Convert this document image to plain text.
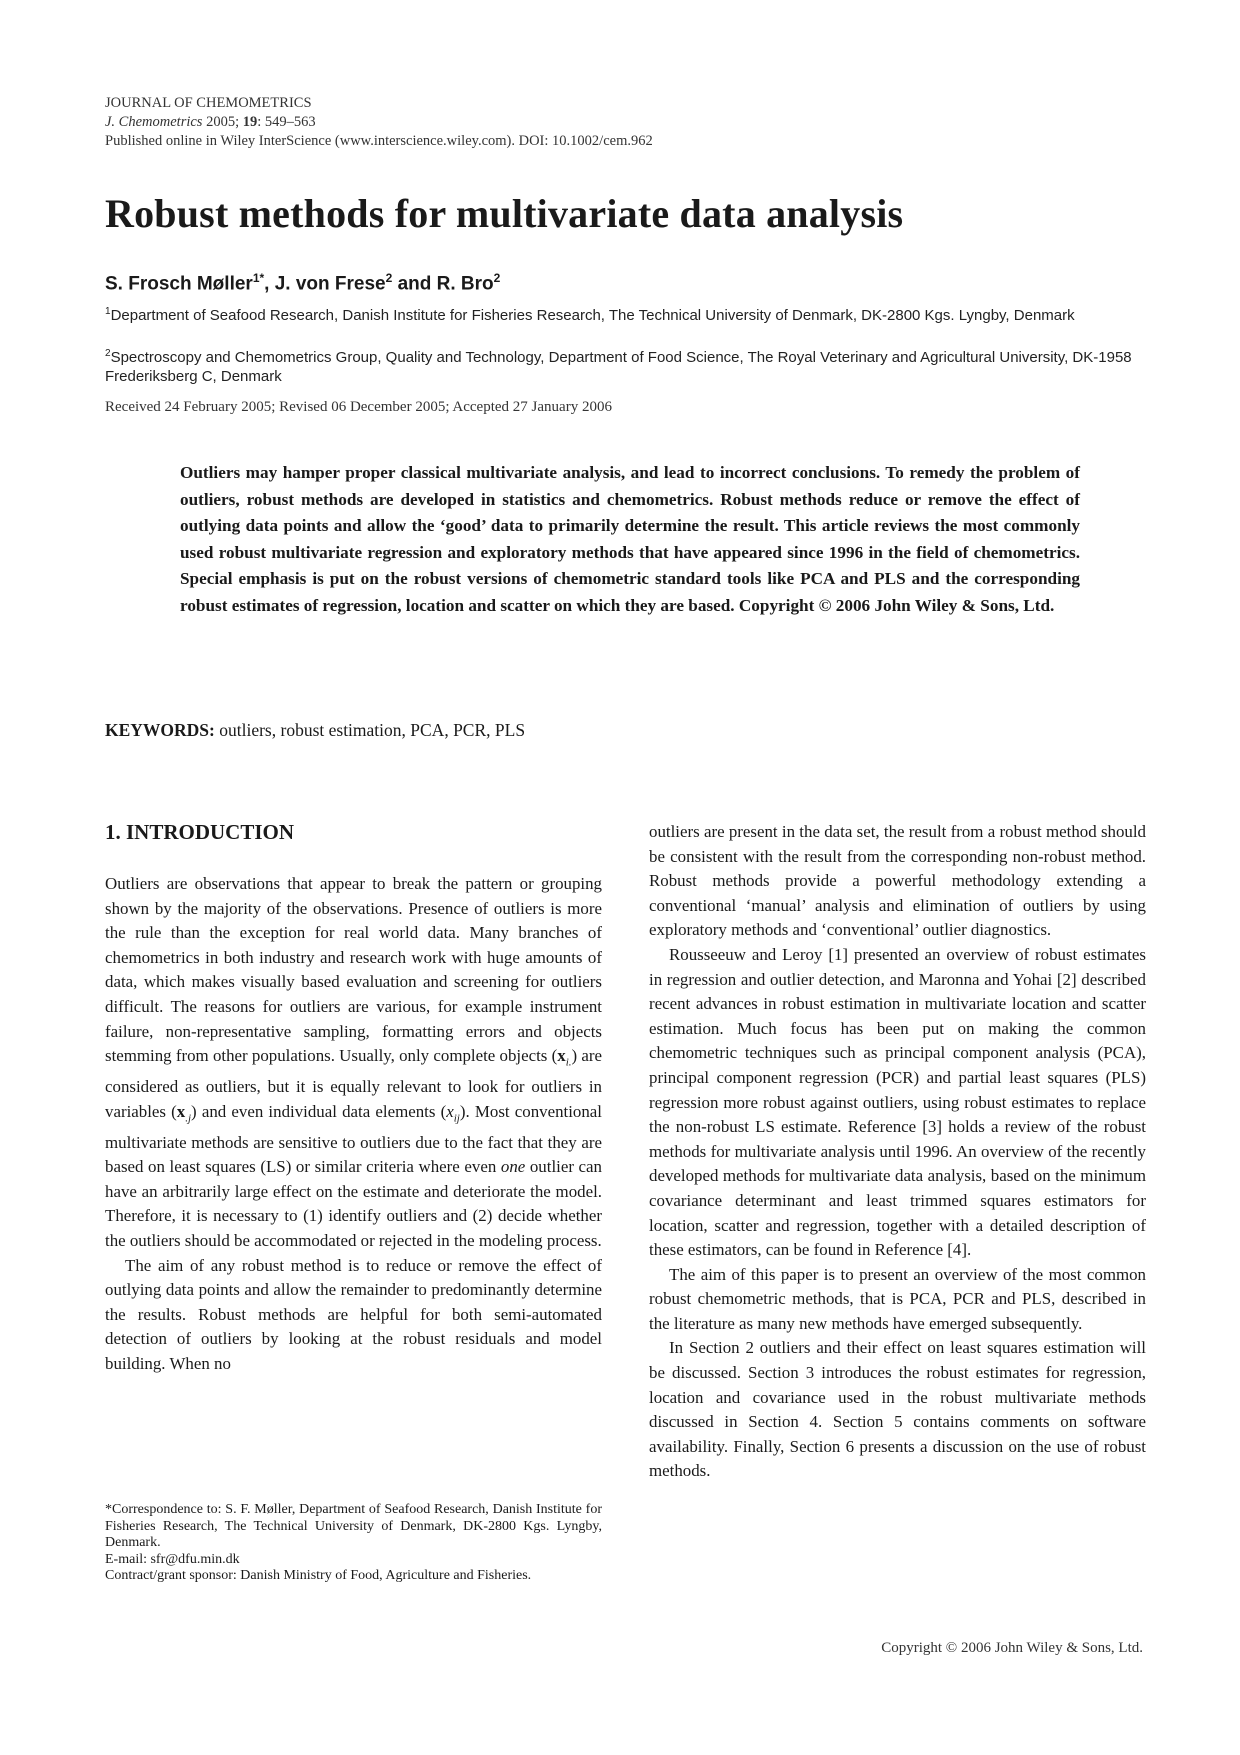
JOURNAL OF CHEMOMETRICS
J. Chemometrics 2005; 19: 549–563
Published online in Wiley InterScience (www.interscience.wiley.com). DOI: 10.1002/cem.962
Robust methods for multivariate data analysis
S. Frosch Møller$^{1*}$, J. von Frese$^2$ and R. Bro$^2$
$^1$Department of Seafood Research, Danish Institute for Fisheries Research, The Technical University of Denmark, DK-2800 Kgs. Lyngby, Denmark
$^2$Spectroscopy and Chemometrics Group, Quality and Technology, Department of Food Science, The Royal Veterinary and Agricultural University, DK-1958 Frederiksberg C, Denmark
Received 24 February 2005; Revised 06 December 2005; Accepted 27 January 2006
Outliers may hamper proper classical multivariate analysis, and lead to incorrect conclusions. To remedy the problem of outliers, robust methods are developed in statistics and chemometrics. Robust methods reduce or remove the effect of outlying data points and allow the ‘good’ data to primarily determine the result. This article reviews the most commonly used robust multivariate regression and exploratory methods that have appeared since 1996 in the field of chemometrics. Special emphasis is put on the robust versions of chemometric standard tools like PCA and PLS and the corresponding robust estimates of regression, location and scatter on which they are based. Copyright © 2006 John Wiley & Sons, Ltd.
KEYWORDS: outliers, robust estimation, PCA, PCR, PLS
1. INTRODUCTION

Outliers are observations that appear to break the pattern or grouping shown by the majority of the observations. Presence of outliers is more the rule than the exception for real world data. Many branches of chemometrics in both industry and research work with huge amounts of data, which makes visually based evaluation and screening for outliers difficult. The reasons for outliers are various, for example instrument failure, non-representative sampling, formatting errors and objects stemming from other populations. Usually, only complete objects $(x_{i.})$ are considered as outliers, but it is equally relevant to look for outliers in variables $(x_{.j})$ and even individual data elements $(x_{ij})$. Most conventional multivariate methods are sensitive to outliers due to the fact that they are based on least squares (LS) or similar criteria where even one outlier can have an arbitrarily large effect on the estimate and deteriorate the model. Therefore, it is necessary to (1) identify outliers and (2) decide whether the outliers should be accommodated or rejected in the modeling process.

The aim of any robust method is to reduce or remove the effect of outlying data points and allow the remainder to predominantly determine the results. Robust methods are helpful for both semi-automated detection of outliers by looking at the robust residuals and model building. When no

outliers are present in the data set, the result from a robust method should be consistent with the result from the corresponding non-robust method. Robust methods provide a powerful methodology extending a conventional ‘manual’ analysis and elimination of outliers by using exploratory methods and ‘conventional’ outlier diagnostics.

Rousseeuw and Leroy [1] presented an overview of robust estimates in regression and outlier detection, and Maronna and Yohai [2] described recent advances in robust estimation in multivariate location and scatter estimation. Much focus has been put on making the common chemometric techniques such as principal component analysis (PCA), principal component regression (PCR) and partial least squares (PLS) regression more robust against outliers, using robust estimates to replace the non-robust LS estimate. Reference [3] holds a review of the robust methods for multivariate analysis until 1996. An overview of the recently developed methods for multivariate data analysis, based on the minimum covariance determinant and least trimmed squares estimators for location, scatter and regression, together with a detailed description of these estimators, can be found in Reference [4].

The aim of this paper is to present an overview of the most common robust chemometric methods, that is PCA, PCR and PLS, described in the literature as many new methods have emerged subsequently.

In Section 2 outliers and their effect on least squares estimation will be discussed. Section 3 introduces the robust estimates for regression, location and covariance used in the robust multivariate methods discussed in Section 4. Section 5 contains comments on software availability. Finally, Section 6 presents a discussion on the use of robust methods.

*Correspondence to: S. F. Møller, Department of Seafood Research, Danish Institute for Fisheries Research, The Technical University of Denmark, DK-2800 Kgs. Lyngby, Denmark.

E-mail: sfr@dfu.min.dk

Contract/grant sponsor: Danish Ministry of Food, Agriculture and Fisheries.

Copyright © 2006 John Wiley & Sons, Ltd.
